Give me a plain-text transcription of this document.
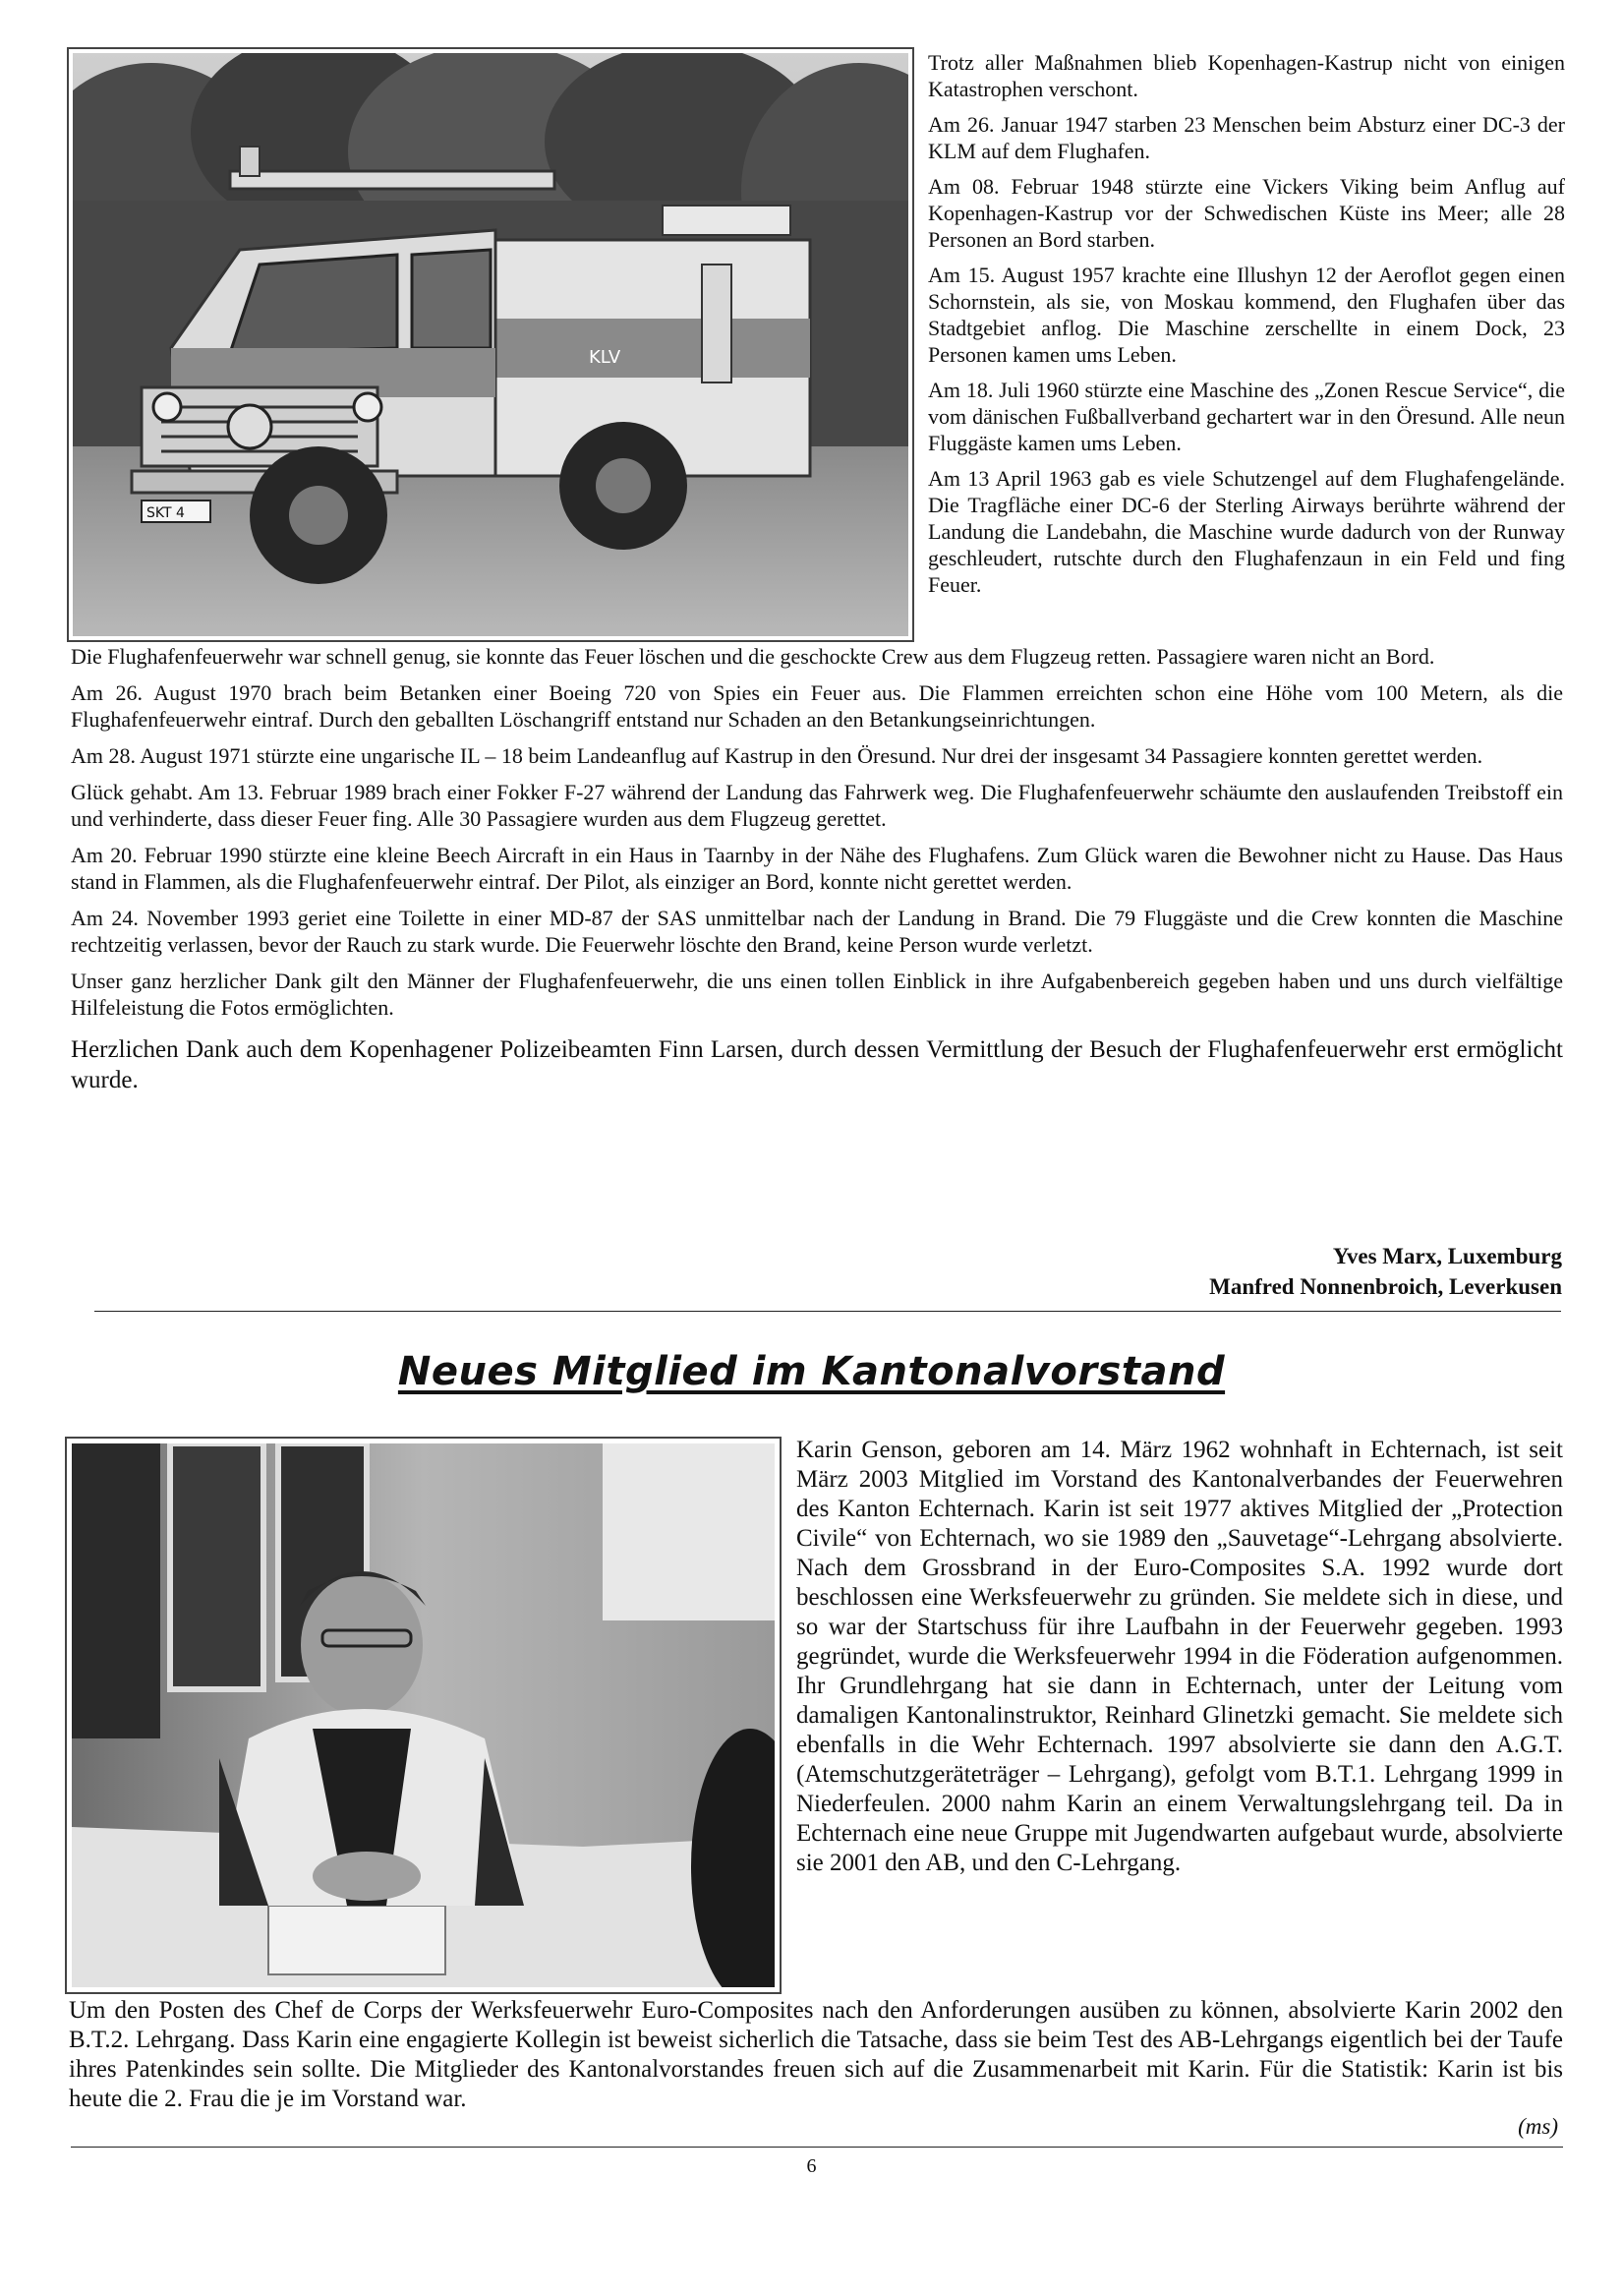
SKT 4
KLV

Trotz aller Maßnahmen blieb Kopenhagen-Kastrup nicht von einigen Katastrophen verschont.

Am 26. Januar 1947 starben 23 Menschen beim Absturz einer DC-3 der KLM auf dem Flughafen.

Am 08. Februar 1948 stürzte eine Vickers Viking beim Anflug auf Kopenhagen-Kastrup vor der Schwedischen Küste ins Meer; alle 28 Personen an Bord starben.

Am 15. August 1957 krachte eine Illushyn 12 der Aeroflot gegen einen Schornstein, als sie, von Moskau kommend, den Flughafen über das Stadtgebiet anflog. Die Maschine zerschellte in einem Dock, 23 Personen kamen ums Leben.

Am 18. Juli 1960 stürzte eine Maschine des „Zonen Rescue Service“, die vom dänischen Fußballverband gechartert war in den Öresund. Alle neun Fluggäste kamen ums Leben.

Am 13 April 1963 gab es viele Schutzengel auf dem Flughafengelände. Die Tragfläche einer DC-6 der Sterling Airways berührte während der Landung die Landebahn, die Maschine wurde dadurch von der Runway geschleudert, rutschte durch den Flughafenzaun in ein Feld und fing Feuer.

Die Flughafenfeuerwehr war schnell genug, sie konnte das Feuer löschen und die geschockte Crew aus dem Flugzeug retten. Passagiere waren nicht an Bord.

Am 26. August 1970 brach beim Betanken einer Boeing 720 von Spies ein Feuer aus. Die Flammen erreichten schon eine Höhe vom 100 Metern, als die Flughafenfeuerwehr eintraf. Durch den geballten Löschangriff entstand nur Schaden an den Betankungseinrichtungen.

Am 28. August 1971 stürzte eine ungarische IL – 18 beim Landeanflug auf Kastrup in den Öresund. Nur drei der insgesamt 34 Passagiere konnten gerettet werden.

Glück gehabt. Am 13. Februar 1989 brach einer Fokker F-27 während der Landung das Fahrwerk weg. Die Flughafenfeuerwehr schäumte den auslaufenden Treibstoff ein und verhinderte, dass dieser Feuer fing. Alle 30 Passagiere wurden aus dem Flugzeug gerettet.

Am 20. Februar 1990 stürzte eine kleine Beech Aircraft in ein Haus in Taarnby in der Nähe des Flughafens. Zum Glück waren die Bewohner nicht zu Hause. Das Haus stand in Flammen, als die Flughafenfeuerwehr eintraf. Der Pilot, als einziger an Bord, konnte nicht gerettet werden.

Am 24. November 1993 geriet eine Toilette in einer MD-87 der SAS unmittelbar nach der Landung in Brand. Die 79 Fluggäste und die Crew konnten die Maschine rechtzeitig verlassen, bevor der Rauch zu stark wurde. Die Feuerwehr löschte den Brand, keine Person wurde verletzt.

Unser ganz herzlicher Dank gilt den Männer der Flughafenfeuerwehr, die uns einen tollen Einblick in ihre Aufgabenbereich gegeben haben und uns durch vielfältige Hilfeleistung die Fotos ermöglichten.

Herzlichen Dank auch dem Kopenhagener Polizeibeamten Finn Larsen, durch dessen Vermittlung der Besuch der Flughafenfeuerwehr erst ermöglicht wurde.

Yves Marx, Luxemburg
Manfred Nonnenbroich, Leverkusen
Neues Mitglied im Kantonalvorstand

Karin Genson, geboren am 14. März 1962 wohnhaft in Echternach, ist seit März 2003 Mitglied im Vorstand des Kantonalverbandes der Feuerwehren des Kanton Echternach. Karin ist seit 1977 aktives Mitglied der „Protection Civile“ von Echternach, wo sie 1989 den „Sauvetage“-Lehrgang absolvierte. Nach dem Grossbrand in der Euro-Composites S.A. 1992 wurde dort beschlossen eine Werksfeuerwehr zu gründen. Sie meldete sich in diese, und so war der Startschuss für ihre Laufbahn in der Feuerwehr gegeben. 1993 gegründet, wurde die Werksfeuerwehr 1994 in die Föderation aufgenommen. Ihr Grundlehrgang hat sie dann in Echternach, unter der Leitung vom damaligen Kantonalinstruktor, Reinhard Glinetzki gemacht. Sie meldete sich ebenfalls in die Wehr Echternach. 1997 absolvierte sie dann den A.G.T. (Atemschutzgeräteträger – Lehrgang), gefolgt vom B.T.1. Lehrgang 1999 in Niederfeulen. 2000 nahm Karin an einem Verwaltungslehrgang teil. Da in Echternach eine neue Gruppe mit Jugendwarten aufgebaut wurde, absolvierte sie 2001 den AB, und den C-Lehrgang.

Um den Posten des Chef de Corps der Werksfeuerwehr Euro-Composites nach den Anforderungen ausüben zu können, absolvierte Karin 2002 den B.T.2. Lehrgang. Dass Karin eine engagierte Kollegin ist beweist sicherlich die Tatsache, dass sie beim Test des AB-Lehrgangs eigentlich bei der Taufe ihres Patenkindes sein sollte. Die Mitglieder des Kantonalvorstandes freuen sich auf die Zusammenarbeit mit Karin. Für die Statistik: Karin ist bis heute die 2. Frau die je im Vorstand war.

(ms)
6
